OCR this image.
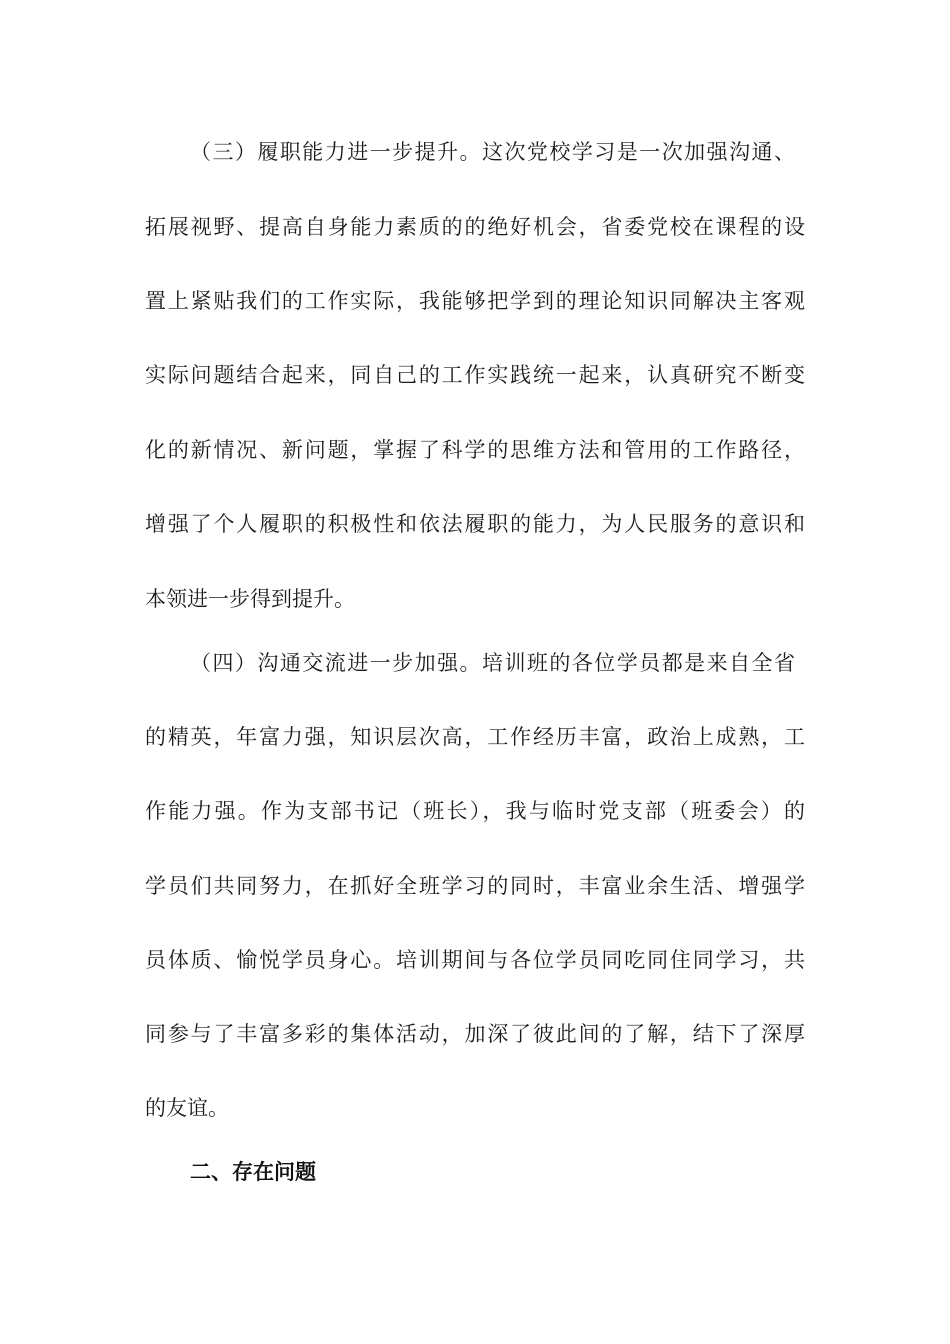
（三）履职能力进一步提升。这次党校学习是一次加强沟通、
拓展视野、提高自身能力素质的的绝好机会，省委党校在课程的设
置上紧贴我们的工作实际，我能够把学到的理论知识同解决主客观
实际问题结合起来，同自己的工作实践统一起来，认真研究不断变
化的新情况、新问题，掌握了科学的思维方法和管用的工作路径，
增强了个人履职的积极性和依法履职的能力，为人民服务的意识和
本领进一步得到提升。
（四）沟通交流进一步加强。培训班的各位学员都是来自全省
的精英，年富力强，知识层次高，工作经历丰富，政治上成熟，工
作能力强。作为支部书记（班长），我与临时党支部（班委会）的
学员们共同努力，在抓好全班学习的同时，丰富业余生活、增强学
员体质、愉悦学员身心。培训期间与各位学员同吃同住同学习，共
同参与了丰富多彩的集体活动，加深了彼此间的了解，结下了深厚
的友谊。
二、存在问题
